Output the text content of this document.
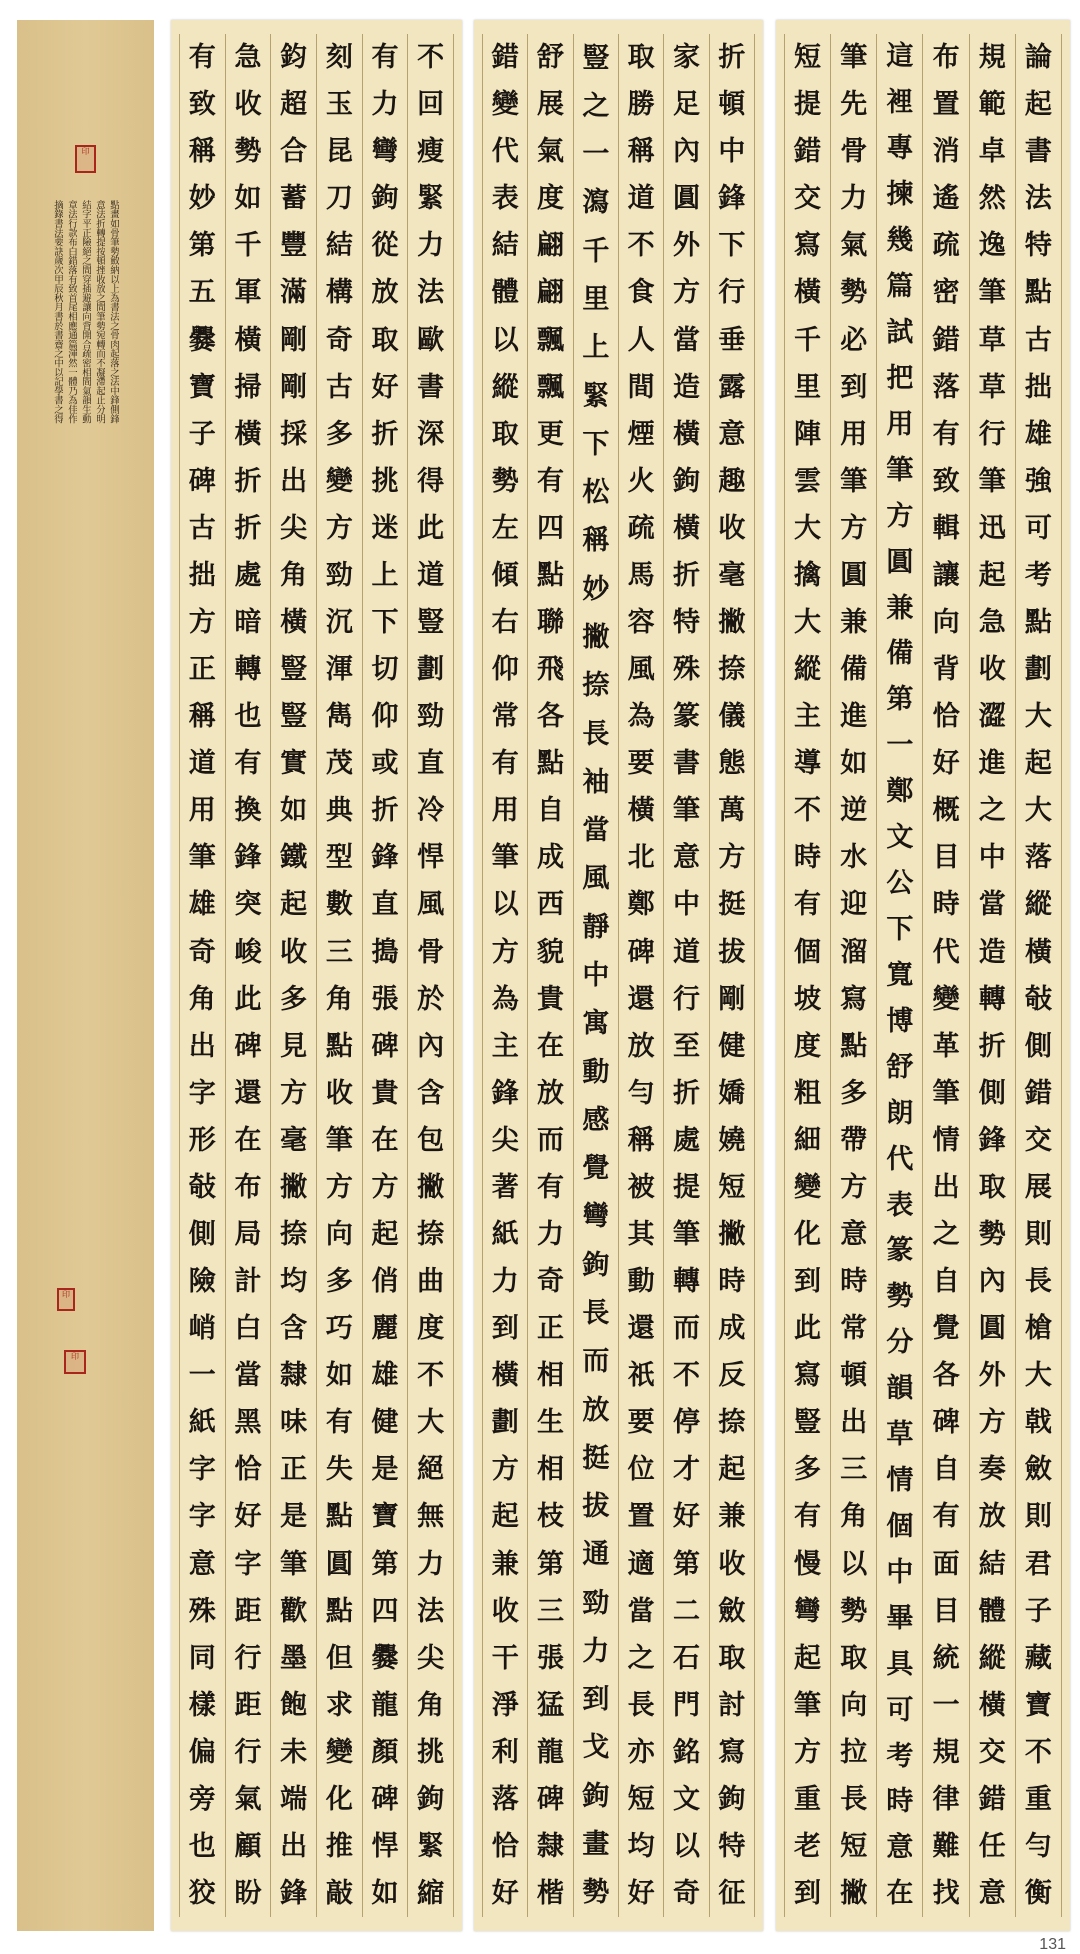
印
點畫如骨筆勢斂納以上為書法之骨肉起落之法中鋒側鋒
意法折轉提按頓挫收放之間筆勢宛轉而不凝滯起止分明
結字平正險絕之間穿插避讓向背開合疏密相間氣韻生動
章法行款布白錯落有致首尾相應通篇渾然一體乃為佳作
摘錄書法要訣歲次甲辰秋月書於書齋之中以記學書之得
印
印
不
回
瘦
緊
力
法
歐
書
深
得
此
道
豎
劃
勁
直
冷
悍
風
骨
於
內
含
包
撇
捺
曲
度
不
大
絕
無
力
法
尖
角
挑
鉤
緊
縮
有
力
彎
鉤
從
放
取
好
折
挑
迷
上
下
切
仰
或
折
鋒
直
搗
張
碑
貴
在
方
起
俏
麗
雄
健
是
寶
第
四
爨
龍
顏
碑
悍
如
刻
玉
昆
刀
結
構
奇
古
多
變
方
勁
沉
渾
雋
茂
典
型
數
三
角
點
收
筆
方
向
多
巧
如
有
失
點
圓
點
但
求
變
化
推
敲
鈞
超
合
蓄
豐
滿
剛
剛
採
出
尖
角
橫
豎
豎
實
如
鐵
起
收
多
見
方
毫
撇
捺
均
含
隸
味
正
是
筆
歡
墨
飽
未
端
出
鋒
急
收
勢
如
千
軍
橫
掃
橫
折
折
處
暗
轉
也
有
換
鋒
突
峻
此
碑
還
在
布
局
計
白
當
黑
恰
好
字
距
行
距
行
氣
顧
盼
有
致
稱
妙
第
五
爨
寶
子
碑
古
拙
方
正
稱
道
用
筆
雄
奇
角
出
字
形
敧
側
險
峭
一
紙
字
字
意
殊
同
樣
偏
旁
也
狡
折
頓
中
鋒
下
行
垂
露
意
趣
收
毫
撇
捺
儀
態
萬
方
挺
拔
剛
健
嬌
嬈
短
撇
時
成
反
捺
起
兼
收
斂
取
討
寫
鉤
特
征
家
足
內
圓
外
方
當
造
橫
鉤
橫
折
特
殊
篆
書
筆
意
中
道
行
至
折
處
提
筆
轉
而
不
停
才
好
第
二
石
門
銘
文
以
奇
取
勝
稱
道
不
食
人
間
煙
火
疏
馬
容
風
為
要
橫
北
鄭
碑
還
放
勻
稱
被
其
動
還
祇
要
位
置
適
當
之
長
亦
短
均
好
豎
之
一
瀉
千
里
上
緊
下
松
稱
妙
撇
捺
長
袖
當
風
靜
中
寓
動
感
覺
彎
鉤
長
而
放
挺
拔
通
勁
力
到
戈
鉤
畫
勢
舒
展
氣
度
翩
翩
飄
飄
更
有
四
點
聯
飛
各
點
自
成
西
貌
貴
在
放
而
有
力
奇
正
相
生
相
枝
第
三
張
猛
龍
碑
隸
楷
錯
變
代
表
結
體
以
縱
取
勢
左
傾
右
仰
常
有
用
筆
以
方
為
主
鋒
尖
著
紙
力
到
橫
劃
方
起
兼
收
干
淨
利
落
恰
好
論
起
書
法
特
點
古
拙
雄
強
可
考
點
劃
大
起
大
落
縱
橫
敧
側
錯
交
展
則
長
槍
大
戟
斂
則
君
子
藏
寶
不
重
勻
衡
規
範
卓
然
逸
筆
草
草
行
筆
迅
起
急
收
澀
進
之
中
當
造
轉
折
側
鋒
取
勢
內
圓
外
方
奏
放
結
體
縱
橫
交
錯
任
意
布
置
消
遙
疏
密
錯
落
有
致
輯
讓
向
背
恰
好
概
目
時
代
變
革
筆
情
出
之
自
覺
各
碑
自
有
面
目
統
一
規
律
難
找
這
裡
專
揀
幾
篇
試
把
用
筆
方
圓
兼
備
第
一
鄭
文
公
下
寬
博
舒
朗
代
表
篆
勢
分
韻
草
情
個
中
畢
具
可
考
時
意
在
筆
先
骨
力
氣
勢
必
到
用
筆
方
圓
兼
備
進
如
逆
水
迎
溜
寫
點
多
帶
方
意
時
常
頓
出
三
角
以
勢
取
向
拉
長
短
撇
短
提
錯
交
寫
橫
千
里
陣
雲
大
擒
大
縱
主
導
不
時
有
個
坡
度
粗
細
變
化
到
此
寫
豎
多
有
慢
彎
起
筆
方
重
老
到
131
